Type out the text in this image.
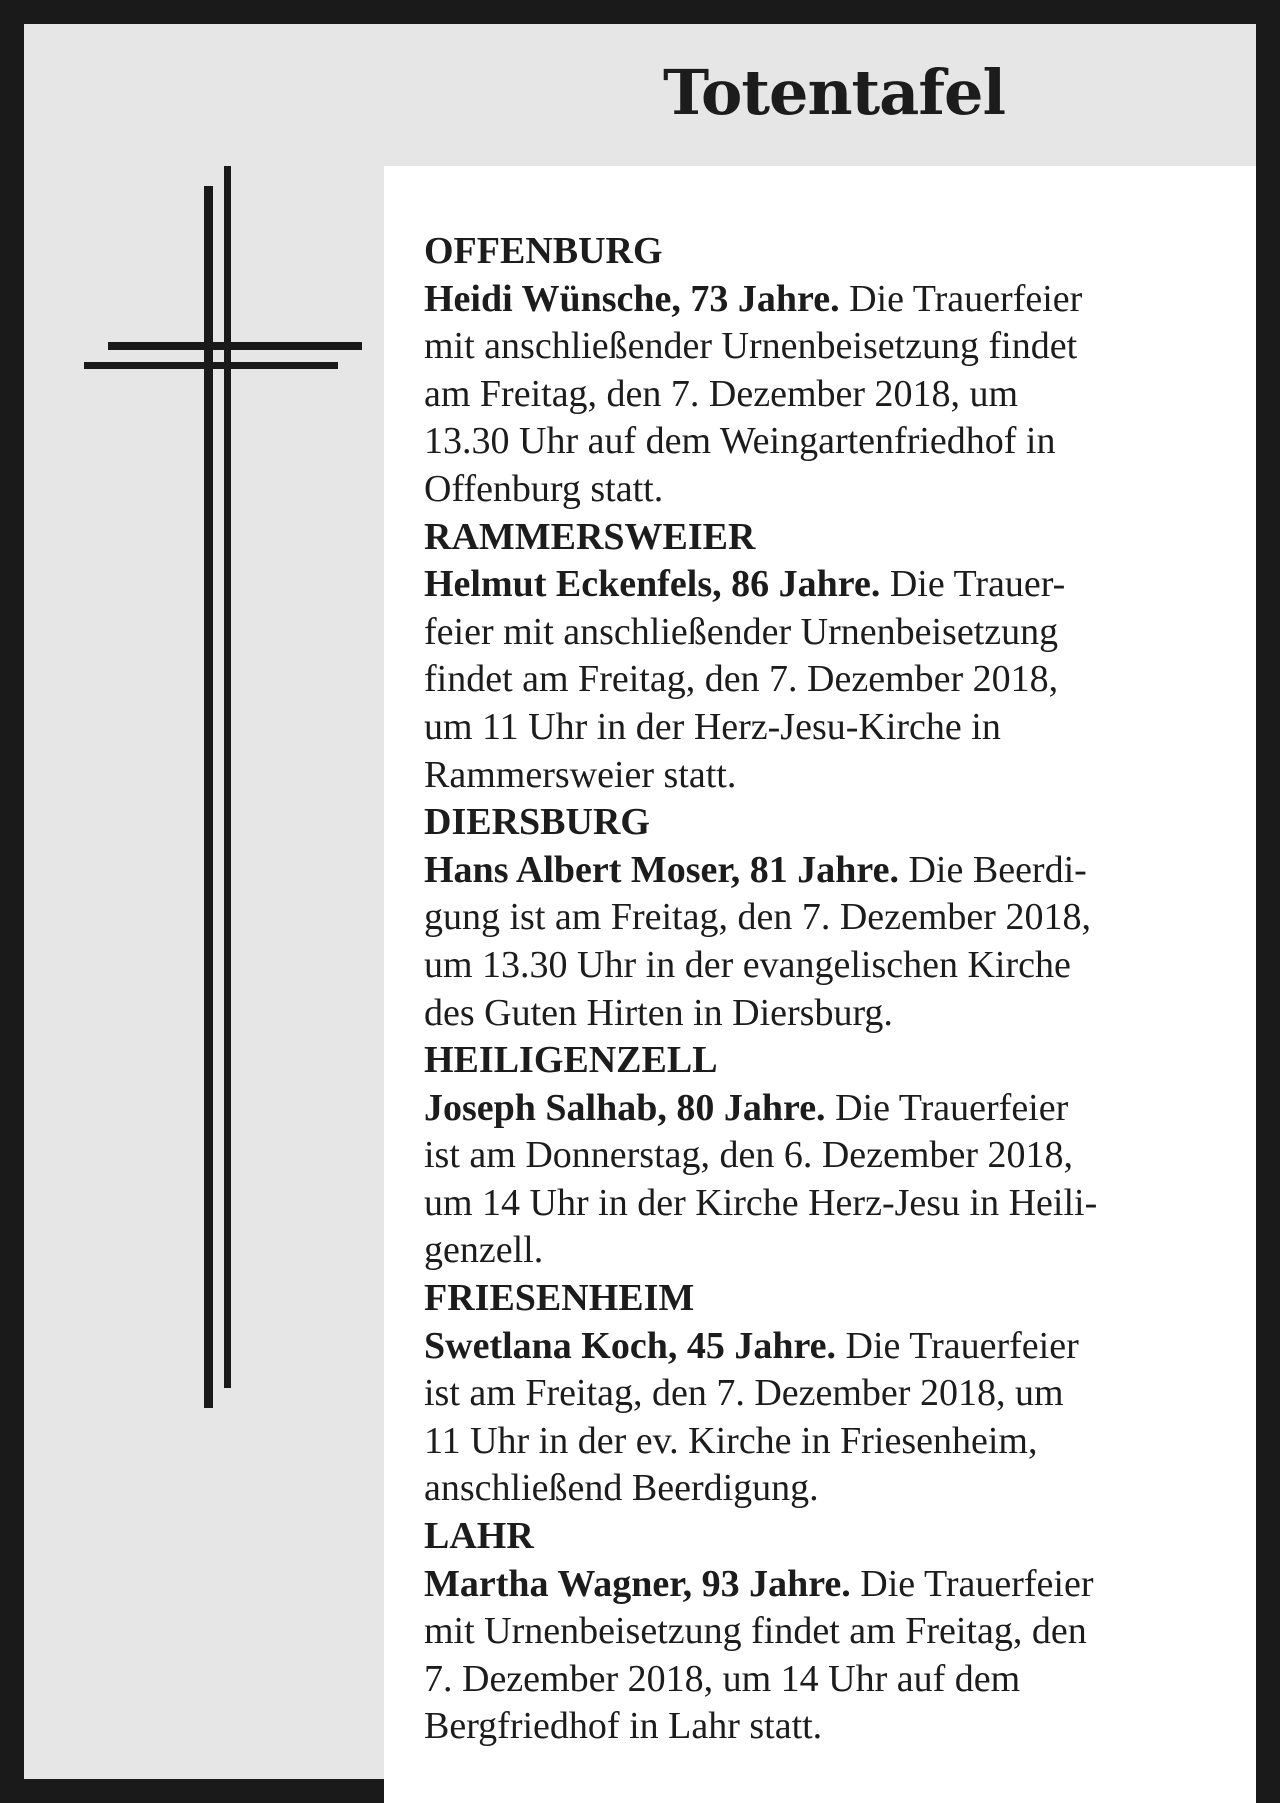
Totentafel
OFFENBURG
Heidi Wünsche, 73 Jahre. Die Trauerfeier
mit anschließender Urnenbeisetzung findet
am Freitag, den 7. Dezember 2018, um
13.30 Uhr auf dem Weingartenfriedhof in
Offenburg statt.
RAMMERSWEIER
Helmut Eckenfels, 86 Jahre. Die Trauer-
feier mit anschließender Urnenbeisetzung
findet am Freitag, den 7. Dezember 2018,
um 11 Uhr in der Herz-Jesu-Kirche in
Rammersweier statt.
DIERSBURG
Hans Albert Moser, 81 Jahre. Die Beerdi-
gung ist am Freitag, den 7. Dezember 2018,
um 13.30 Uhr in der evangelischen Kirche
des Guten Hirten in Diersburg.
HEILIGENZELL
Joseph Salhab, 80 Jahre. Die Trauerfeier
ist am Donnerstag, den 6. Dezember 2018,
um 14 Uhr in der Kirche Herz-Jesu in Heili-
genzell.
FRIESENHEIM
Swetlana Koch, 45 Jahre. Die Trauerfeier
ist am Freitag, den 7. Dezember 2018, um
11 Uhr in der ev. Kirche in Friesenheim,
anschließend Beerdigung.
LAHR
Martha Wagner, 93 Jahre. Die Trauerfeier
mit Urnenbeisetzung findet am Freitag, den
7. Dezember 2018, um 14 Uhr auf dem
Bergfriedhof in Lahr statt.
